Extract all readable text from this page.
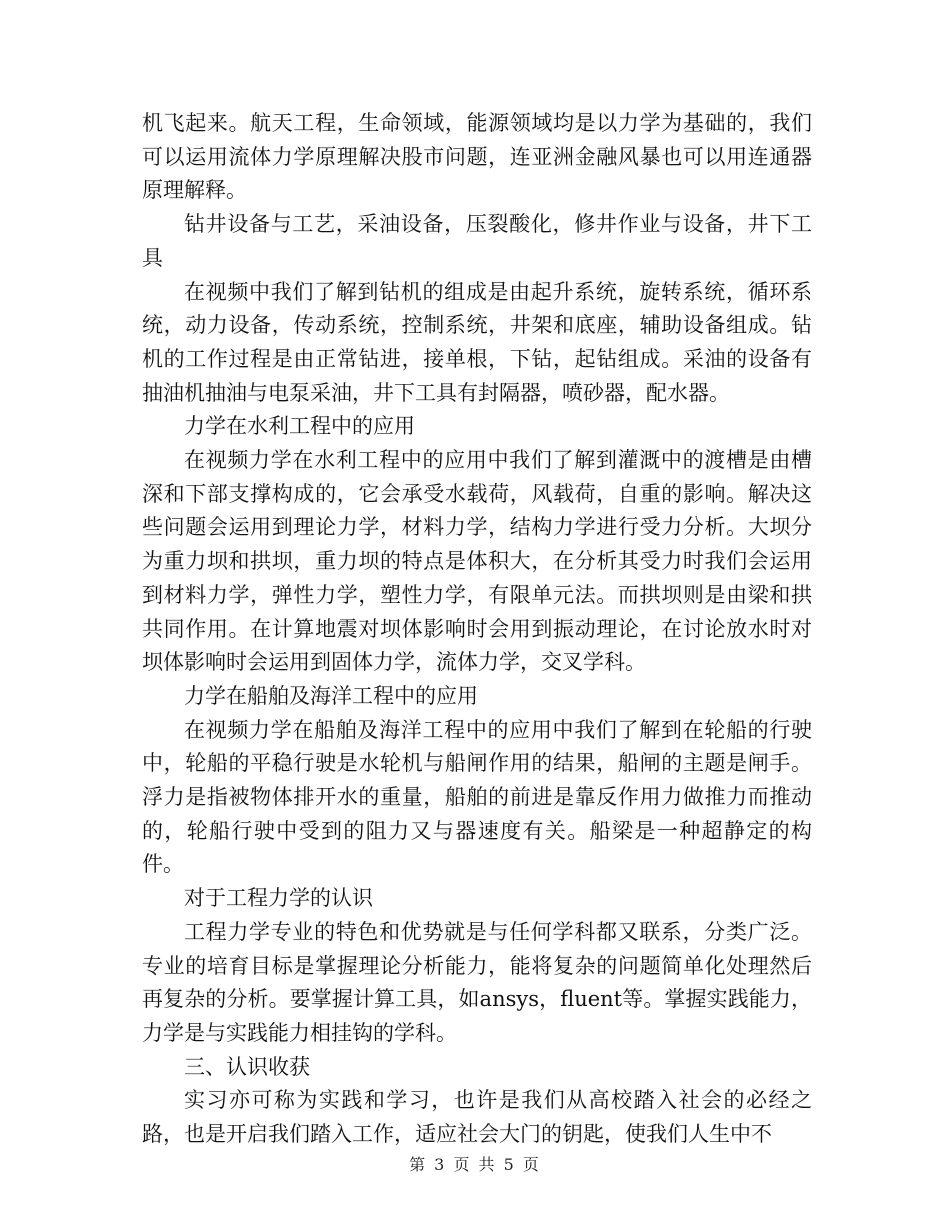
机飞起来。航天工程，生命领域，能源领域均是以力学为基础的，我们可以运用流体力学原理解决股市问题，连亚洲金融风暴也可以用连通器原理解释。

钻井设备与工艺，采油设备，压裂酸化，修井作业与设备，井下工具

在视频中我们了解到钻机的组成是由起升系统，旋转系统，循环系统，动力设备，传动系统，控制系统，井架和底座，辅助设备组成。钻机的工作过程是由正常钻进，接单根，下钻，起钻组成。采油的设备有抽油机抽油与电泵采油，井下工具有封隔器，喷砂器，配水器。

力学在水利工程中的应用

在视频力学在水利工程中的应用中我们了解到灌溉中的渡槽是由槽深和下部支撑构成的，它会承受水载荷，风载荷，自重的影响。解决这些问题会运用到理论力学，材料力学，结构力学进行受力分析。大坝分为重力坝和拱坝，重力坝的特点是体积大，在分析其受力时我们会运用到材料力学，弹性力学，塑性力学，有限单元法。而拱坝则是由梁和拱共同作用。在计算地震对坝体影响时会用到振动理论，在讨论放水时对坝体影响时会运用到固体力学，流体力学，交叉学科。

力学在船舶及海洋工程中的应用

在视频力学在船舶及海洋工程中的应用中我们了解到在轮船的行驶中，轮船的平稳行驶是水轮机与船闸作用的结果，船闸的主题是闸手。浮力是指被物体排开水的重量，船舶的前进是靠反作用力做推力而推动的，轮船行驶中受到的阻力又与器速度有关。船梁是一种超静定的构件。

对于工程力学的认识

工程力学专业的特色和优势就是与任何学科都又联系，分类广泛。专业的培育目标是掌握理论分析能力，能将复杂的问题简单化处理然后再复杂的分析。要掌握计算工具，如ansys，fluent等。掌握实践能力，力学是与实践能力相挂钩的学科。

三、认识收获

实习亦可称为实践和学习，也许是我们从高校踏入社会的必经之路，也是开启我们踏入工作，适应社会大门的钥匙，使我们人生中不

第 3 页 共 5 页
